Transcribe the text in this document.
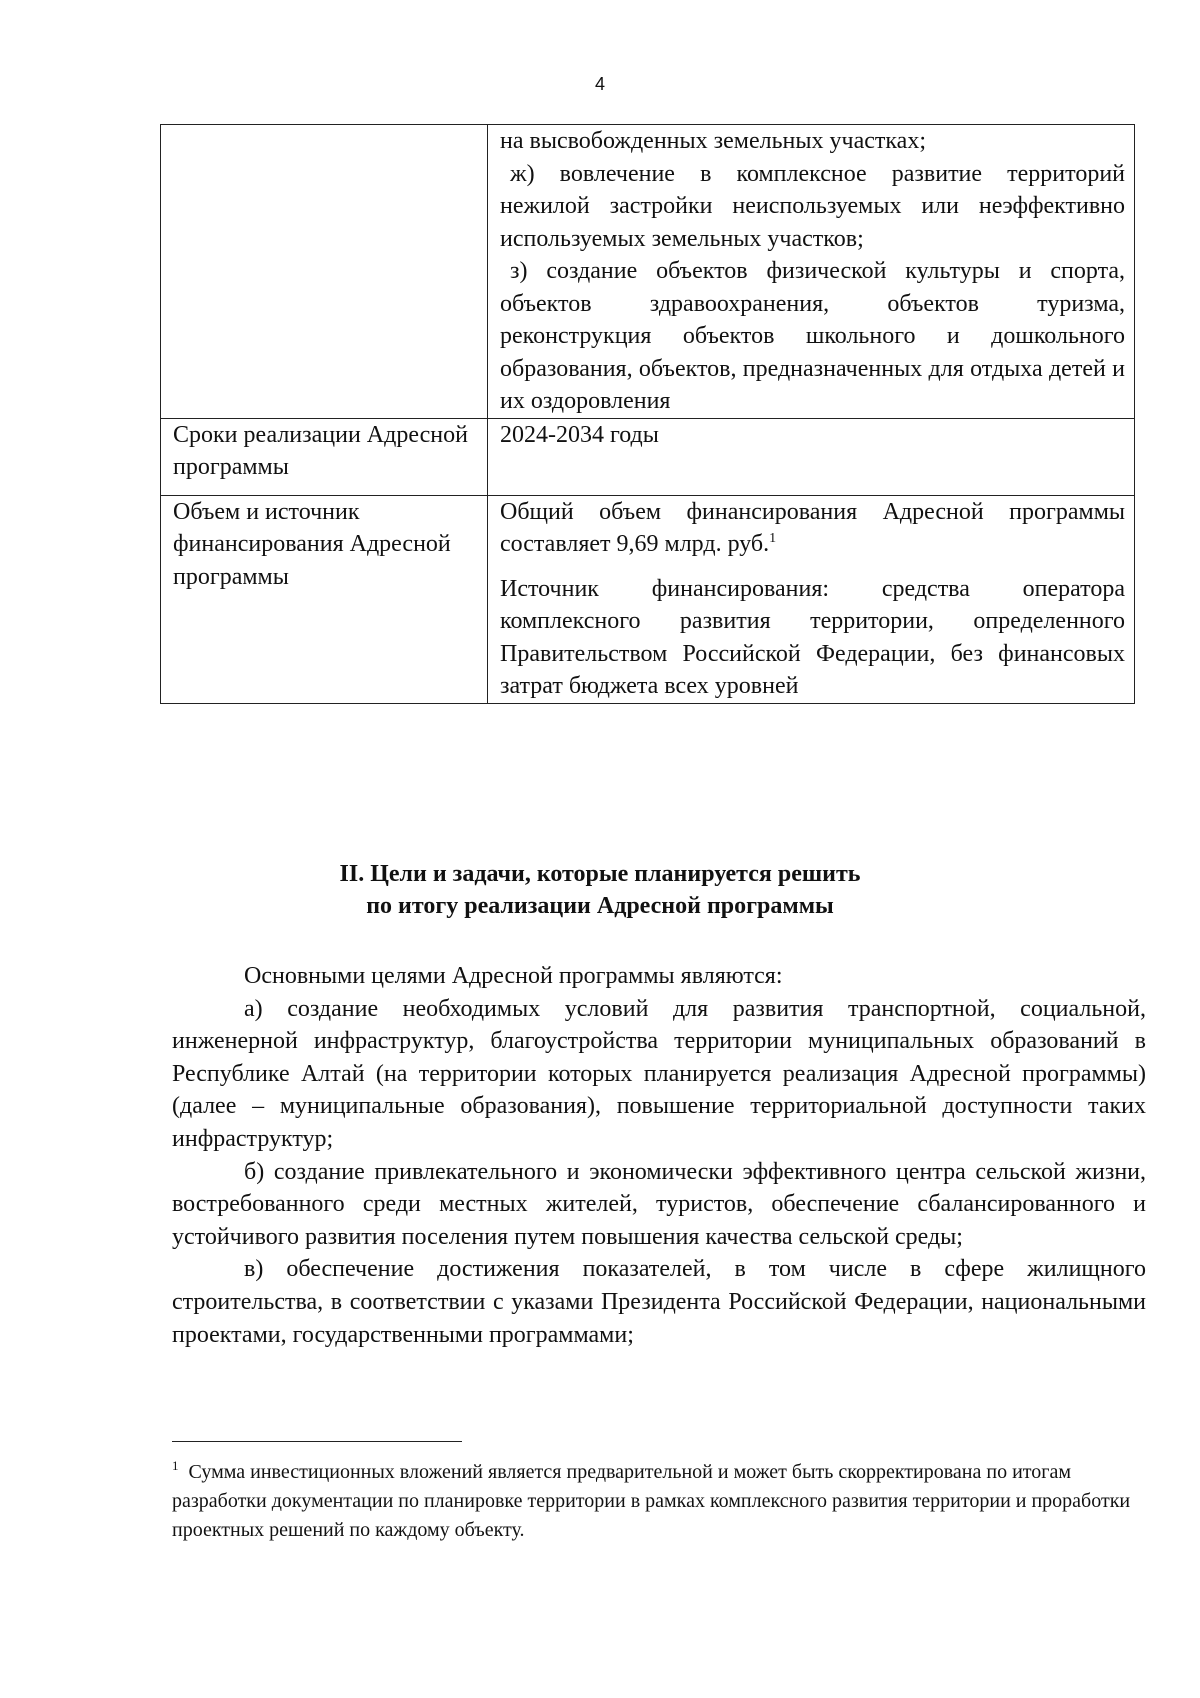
4

	на высвобожденных земельных участках;
ж) вовлечение в комплексное развитие территорий нежилой застройки неиспользуемых или неэффективно используемых земельных участков;
з) создание объектов физической культуры и спорта, объектов здравоохранения, объектов туризма, реконструкция объектов школьного и дошкольного образования, объектов, предназначенных для отдыха детей и их оздоровления

Сроки реализации Адресной программы	2024-2034 годы

Объем и источник финансирования Адресной программы	Общий объем финансирования Адресной программы составляет 9,69 млрд. руб.$^1$
Источник финансирования: средства оператора комплексного развития территории, определенного Правительством Российской Федерации, без финансовых затрат бюджета всех уровней
II. Цели и задачи, которые планируется решить
по итогу реализации Адресной программы

Основными целями Адресной программы являются:

а) создание необходимых условий для развития транспортной, социальной, инженерной инфраструктур, благоустройства территории муниципальных образований в Республике Алтай (на территории которых планируется реализация Адресной программы) (далее – муниципальные образования), повышение территориальной доступности таких инфраструктур;

б) создание привлекательного и экономически эффективного центра сельской жизни, востребованного среди местных жителей, туристов, обеспечение сбалансированного и устойчивого развития поселения путем повышения качества сельской среды;

в) обеспечение достижения показателей, в том числе в сфере жилищного строительства, в соответствии с указами Президента Российской Федерации, национальными проектами, государственными программами;

$^1$ Сумма инвестиционных вложений является предварительной и может быть скорректирована по итогам разработки документации по планировке территории в рамках комплексного развития территории и проработки проектных решений по каждому объекту.
